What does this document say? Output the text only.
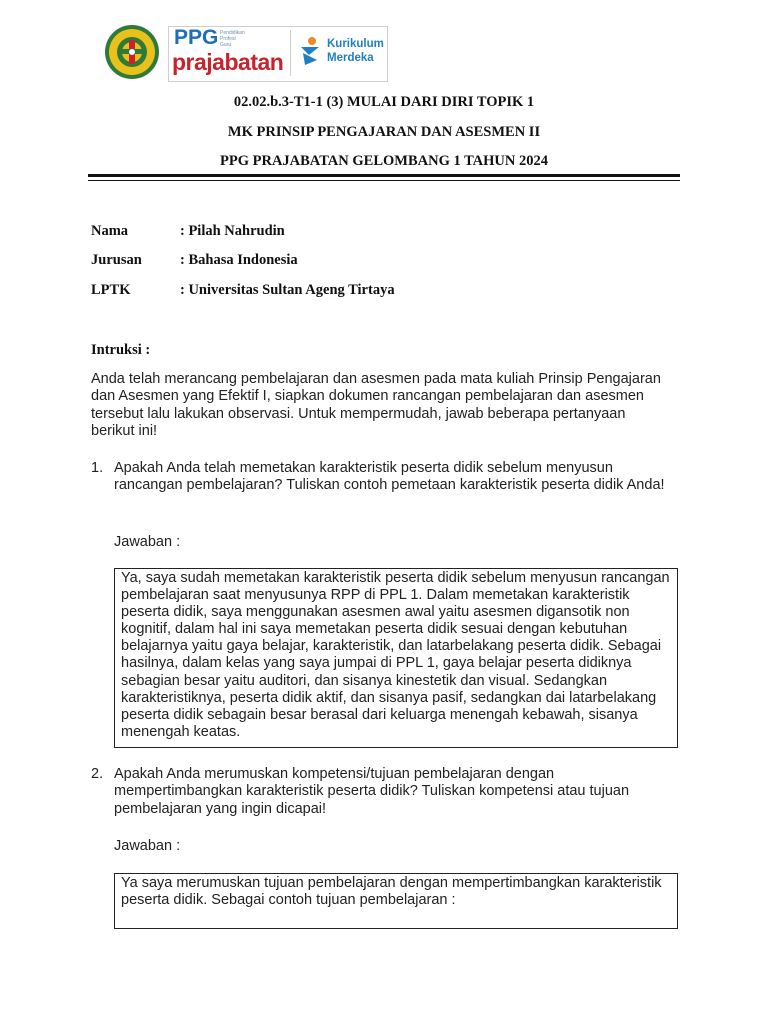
PPG Pendidikan Profesi Guru
prajabatan
Kurikulum
Merdeka
02.02.b.3-T1-1 (3) MULAI DARI DIRI TOPIK 1
MK PRINSIP PENGAJARAN DAN ASESMEN II
PPG PRAJABATAN GELOMBANG 1 TAHUN 2024
Nama	: Pilah Nahrudin
Jurusan	: Bahasa Indonesia
LPTK	: Universitas Sultan Ageng Tirtaya
Intruksi :
Anda telah merancang pembelajaran dan asesmen pada mata kuliah Prinsip Pengajaran dan Asesmen yang Efektif I, siapkan dokumen rancangan pembelajaran dan asesmen tersebut lalu lakukan observasi. Untuk mempermudah, jawab beberapa pertanyaan berikut ini!
1. Apakah Anda telah memetakan karakteristik peserta didik sebelum menyusun rancangan pembelajaran? Tuliskan contoh pemetaan karakteristik peserta didik Anda!
Jawaban :
Ya, saya sudah memetakan karakteristik peserta didik sebelum menyusun rancangan pembelajaran saat menyusunya RPP di PPL 1. Dalam memetakan karakteristik peserta didik, saya menggunakan asesmen awal yaitu asesmen digansotik non kognitif, dalam hal ini saya memetakan peserta didik sesuai dengan kebutuhan belajarnya yaitu gaya belajar, karakteristik, dan latarbelakang peserta didik. Sebagai hasilnya, dalam kelas yang saya jumpai di PPL 1, gaya belajar peserta didiknya sebagian besar yaitu auditori, dan sisanya kinestetik dan visual. Sedangkan karakteristiknya, peserta didik aktif, dan sisanya pasif, sedangkan dai latarbelakang peserta didik sebagain besar berasal dari keluarga menengah kebawah, sisanya menengah keatas.
2. Apakah Anda merumuskan kompetensi/tujuan pembelajaran dengan mempertimbangkan karakteristik peserta didik? Tuliskan kompetensi atau tujuan pembelajaran yang ingin dicapai!
Jawaban :
Ya saya merumuskan tujuan pembelajaran dengan mempertimbangkan karakteristik peserta didik. Sebagai contoh tujuan pembelajaran :
